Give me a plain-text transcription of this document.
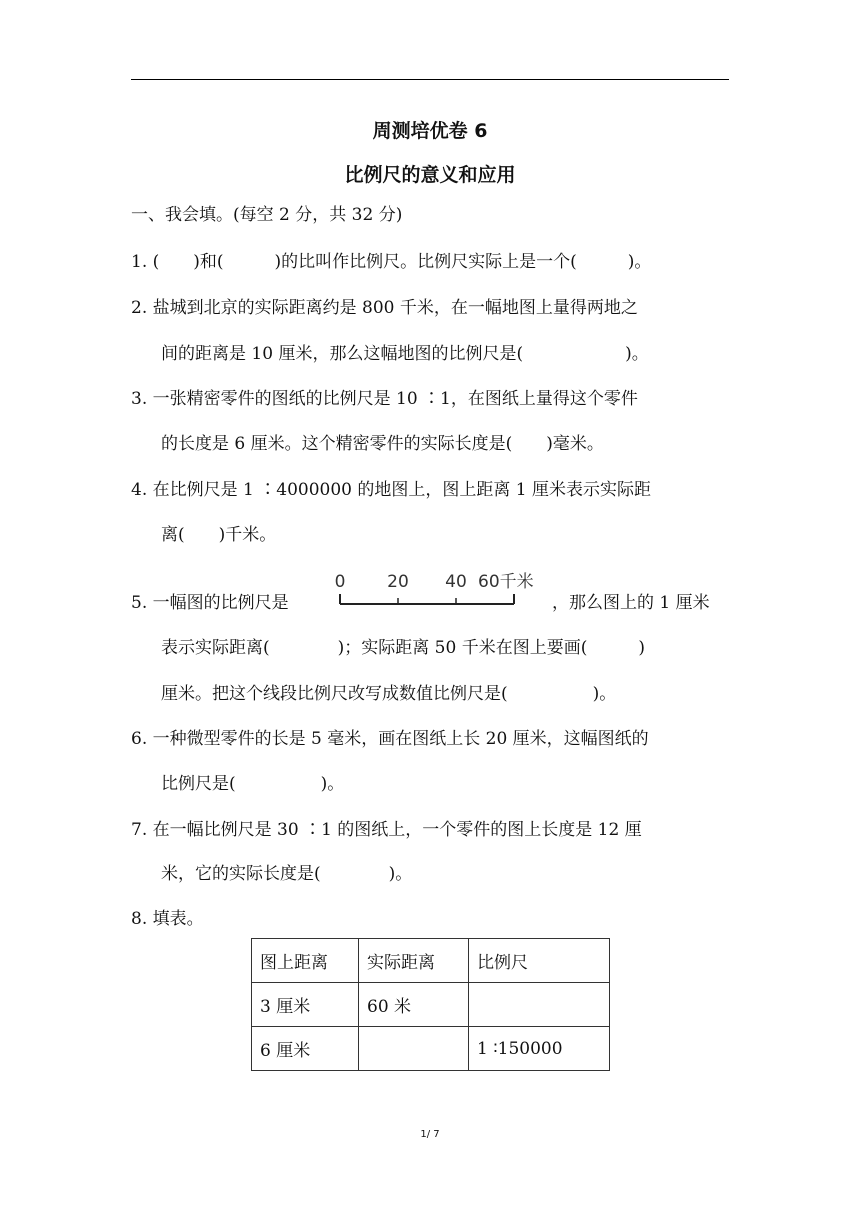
周测培优卷 6
比例尺的意义和应用
一、我会填。(每空 2 分，共 32 分)
1. (　　)和(　　　)的比叫作比例尺。比例尺实际上是一个(　　　)。
2. 盐城到北京的实际距离约是 800 千米，在一幅地图上量得两地之
间的距离是 10 厘米，那么这幅地图的比例尺是(　　　　　　)。
3. 一张精密零件的图纸的比例尺是 10 ∶1，在图纸上量得这个零件
的长度是 6 厘米。这个精密零件的实际长度是(　　)毫米。
4. 在比例尺是 1 ∶4000000 的地图上，图上距离 1 厘米表示实际距
离(　　)千米。
5. 一幅图的比例尺是
0 20 40 60千米
，那么图上的 1 厘米
表示实际距离(　　　　)；实际距离 50 千米在图上要画(　　　)
厘米。把这个线段比例尺改写成数值比例尺是(　　　　　)。
6. 一种微型零件的长是 5 毫米，画在图纸上长 20 厘米，这幅图纸的
比例尺是(　　　　　)。
7. 在一幅比例尺是 30 ∶1 的图纸上，一个零件的图上长度是 12 厘
米，它的实际长度是(　　　　)。
8. 填表。
图上距离	实际距离	比例尺
3 厘米	60 米	
6 厘米		1 ∶150000
1/ 7
